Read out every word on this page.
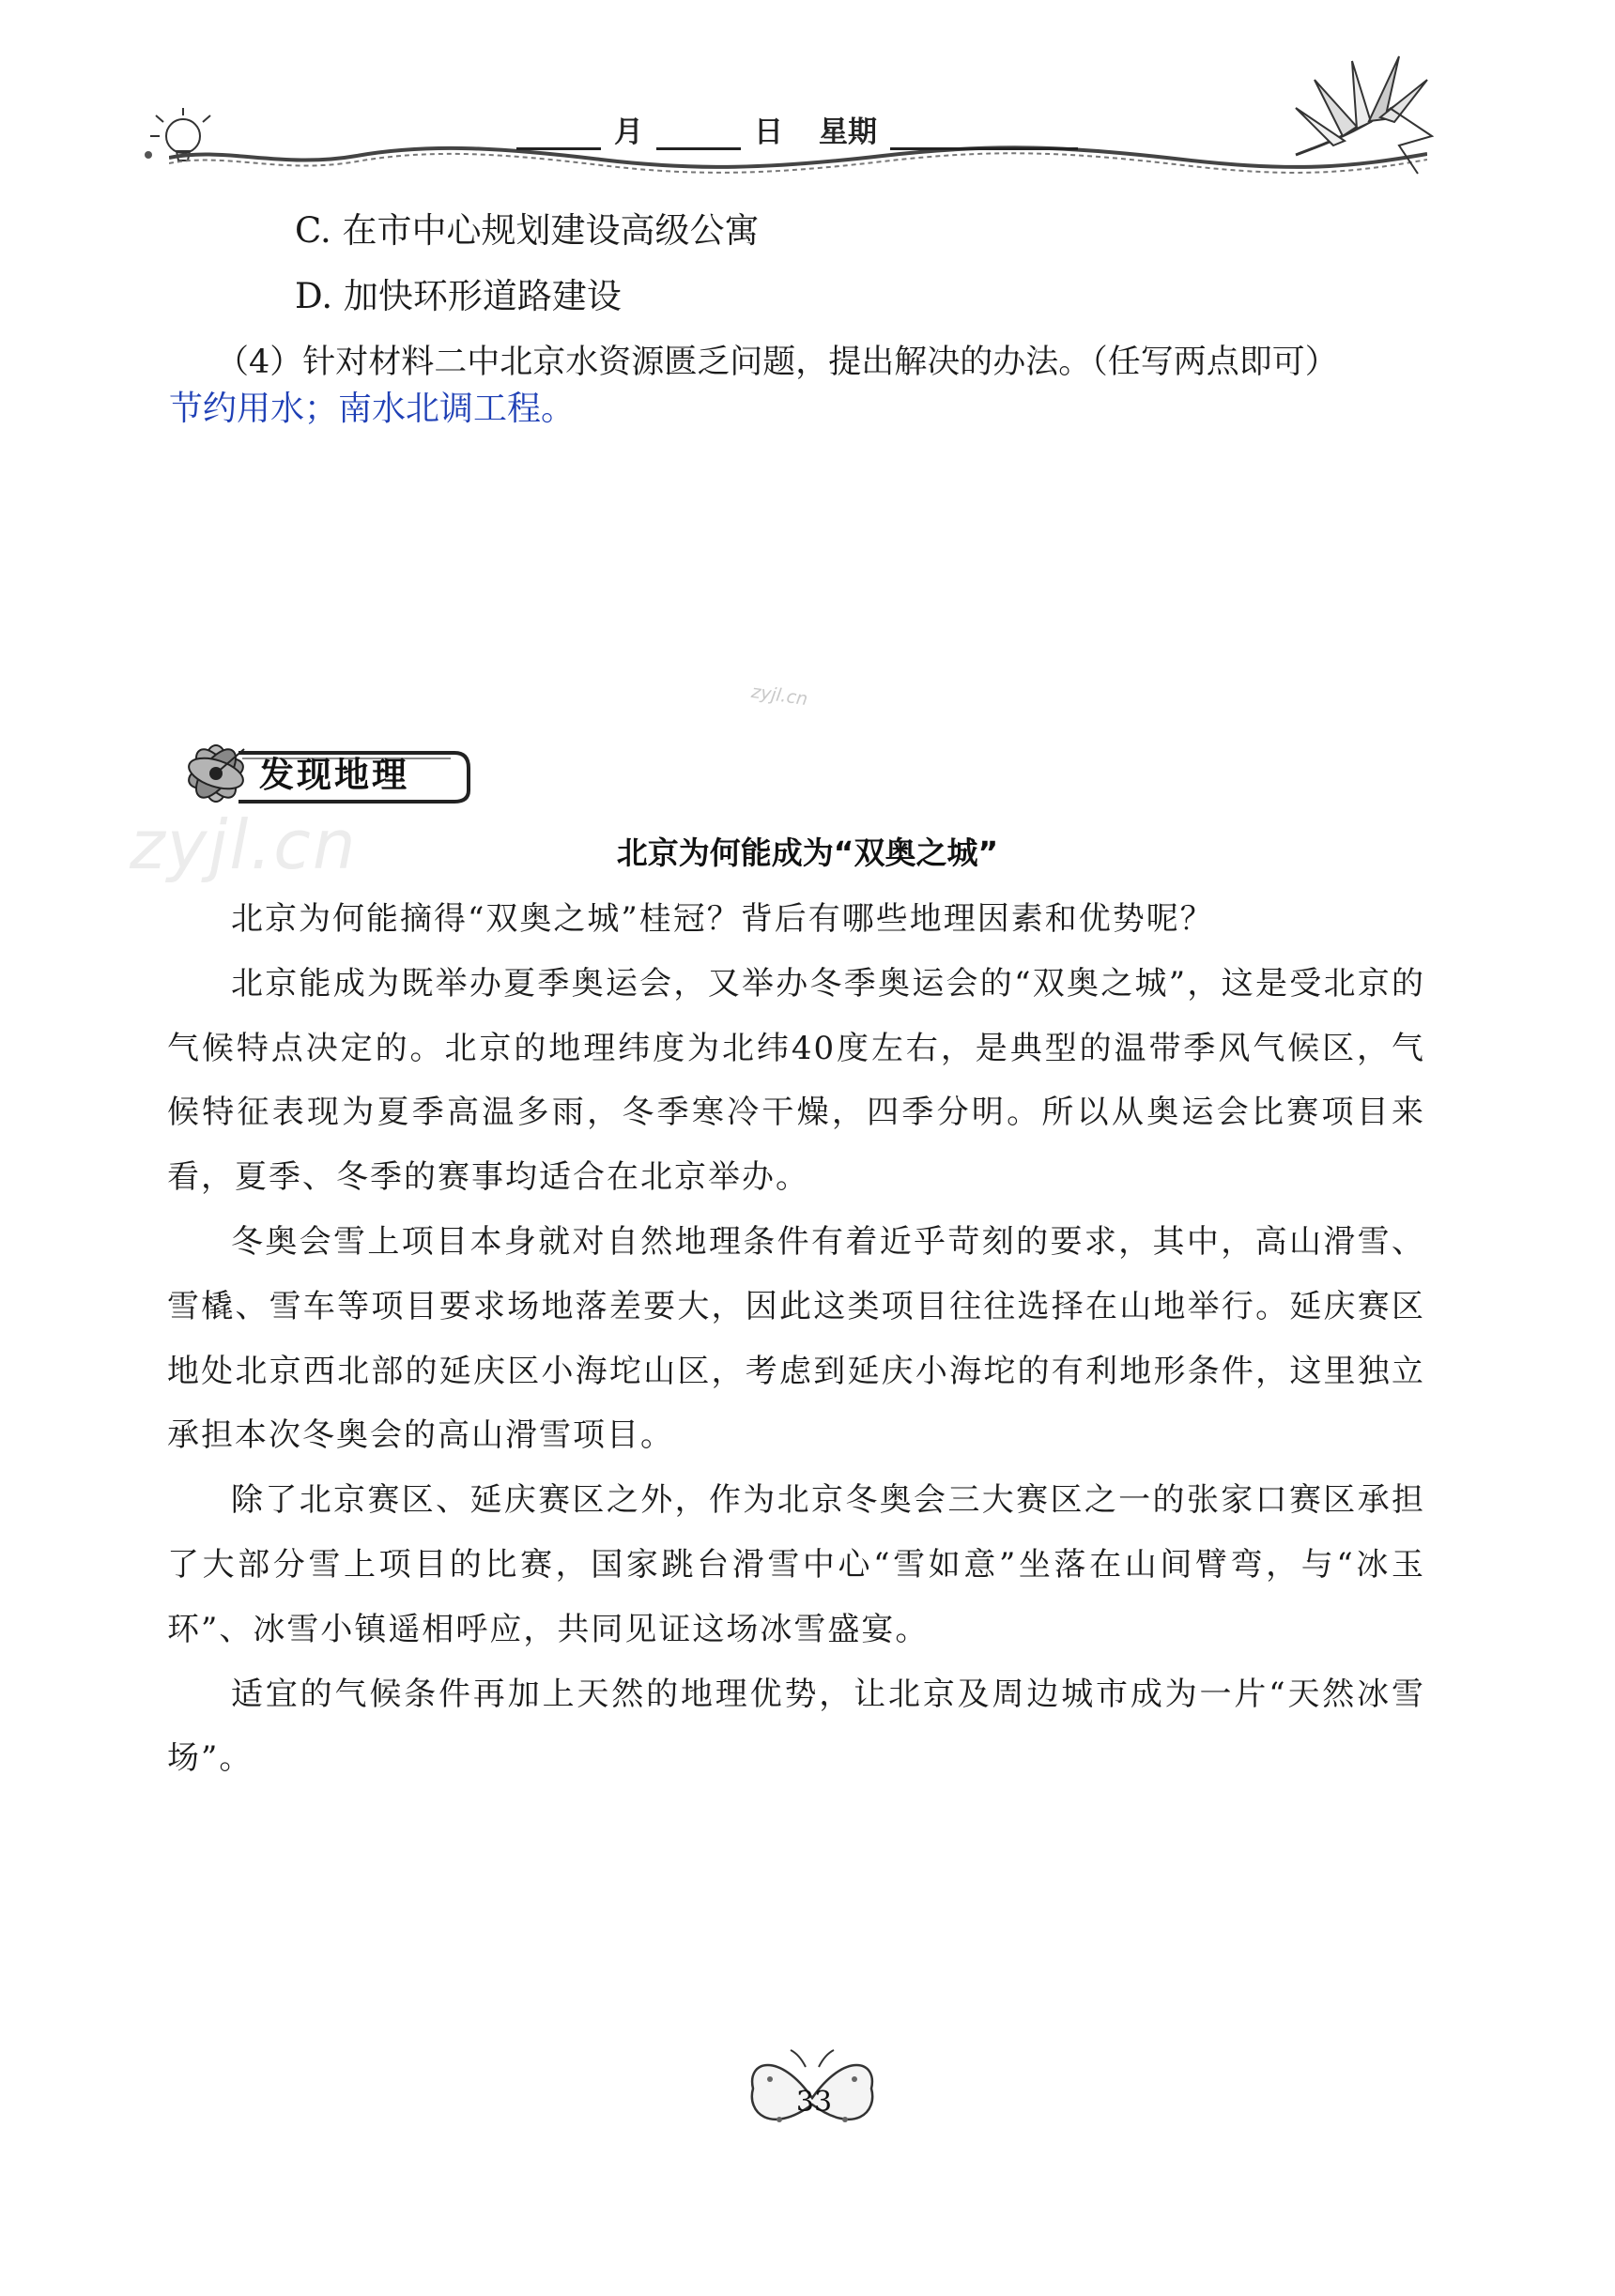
月	日 星期
C. 在市中心规划建设高级公寓
D. 加快环形道路建设
（4）针对材料二中北京水资源匮乏问题，提出解决的办法。（任写两点即可）
节约用水；南水北调工程。
zyjl.cn
zyjl.cn
发现地理
北京为何能成为“双奥之城”

北京为何能摘得“双奥之城”桂冠？背后有哪些地理因素和优势呢？

北京能成为既举办夏季奥运会，又举办冬季奥运会的“双奥之城”，这是受北京的气候特点决定的。北京的地理纬度为北纬40度左右，是典型的温带季风气候区，气候特征表现为夏季高温多雨，冬季寒冷干燥，四季分明。所以从奥运会比赛项目来看，夏季、冬季的赛事均适合在北京举办。

冬奥会雪上项目本身就对自然地理条件有着近乎苛刻的要求，其中，高山滑雪、雪橇、雪车等项目要求场地落差要大，因此这类项目往往选择在山地举行。延庆赛区地处北京西北部的延庆区小海坨山区，考虑到延庆小海坨的有利地形条件，这里独立承担本次冬奥会的高山滑雪项目。

除了北京赛区、延庆赛区之外，作为北京冬奥会三大赛区之一的张家口赛区承担了大部分雪上项目的比赛，国家跳台滑雪中心“雪如意”坐落在山间臂弯，与“冰玉环”、冰雪小镇遥相呼应，共同见证这场冰雪盛宴。

适宜的气候条件再加上天然的地理优势，让北京及周边城市成为一片“天然冰雪场”。

33
